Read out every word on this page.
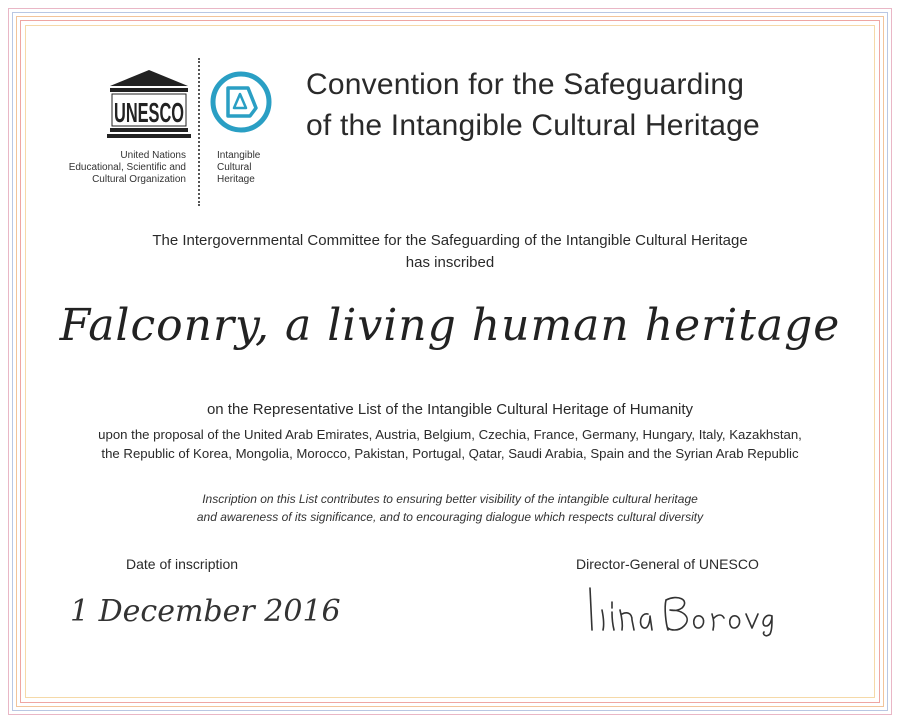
UNESCO
United Nations
Educational, Scientific and
Cultural Organization
Intangible
Cultural
Heritage
Convention for the Safeguarding
of the Intangible Cultural Heritage
The Intergovernmental Committee for the Safeguarding of the Intangible Cultural Heritage
has inscribed
Falconry, a living human heritage
on the Representative List of the Intangible Cultural Heritage of Humanity
upon the proposal of the United Arab Emirates, Austria, Belgium, Czechia, France, Germany, Hungary, Italy, Kazakhstan,
the Republic of Korea, Mongolia, Morocco, Pakistan, Portugal, Qatar, Saudi Arabia, Spain and the Syrian Arab Republic
Inscription on this List contributes to ensuring better visibility of the intangible cultural heritage
and awareness of its significance, and to encouraging dialogue which respects cultural diversity
Date of inscription
1 December 2016
Director-General of UNESCO
